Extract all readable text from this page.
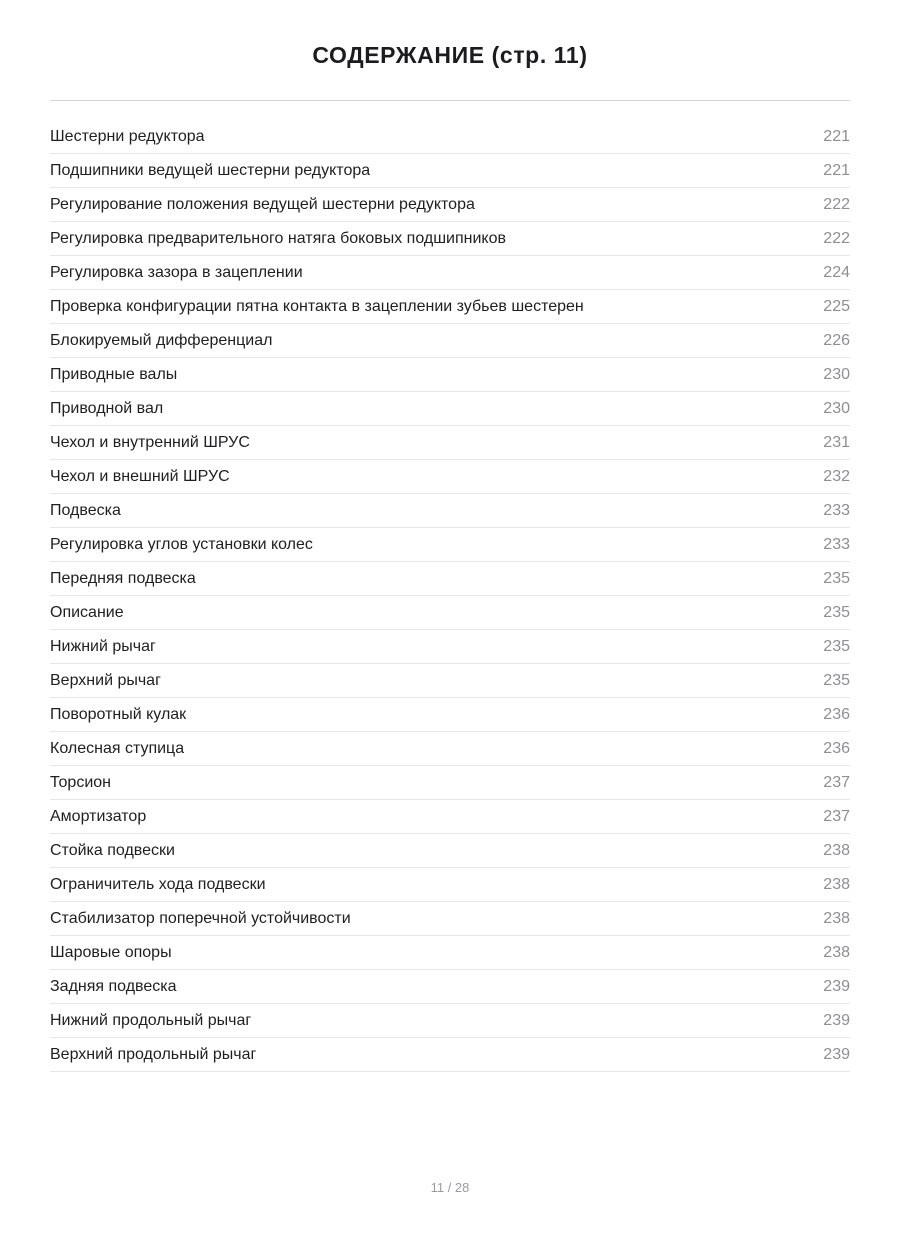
СОДЕРЖАНИЕ (стр. 11)
Шестерни редуктора	221
Подшипники ведущей шестерни редуктора	221
Регулирование положения ведущей шестерни редуктора	222
Регулировка предварительного натяга боковых подшипников	222
Регулировка зазора в зацеплении	224
Проверка конфигурации пятна контакта в зацеплении зубьев шестерен	225
Блокируемый дифференциал	226
Приводные валы	230
Приводной вал	230
Чехол и внутренний ШРУС	231
Чехол и внешний ШРУС	232
Подвеска	233
Регулировка углов установки колес	233
Передняя подвеска	235
Описание	235
Нижний рычаг	235
Верхний рычаг	235
Поворотный кулак	236
Колесная ступица	236
Торсион	237
Амортизатор	237
Стойка подвески	238
Ограничитель хода подвески	238
Стабилизатор поперечной устойчивости	238
Шаровые опоры	238
Задняя подвеска	239
Нижний продольный рычаг	239
Верхний продольный рычаг	239
11 / 28
